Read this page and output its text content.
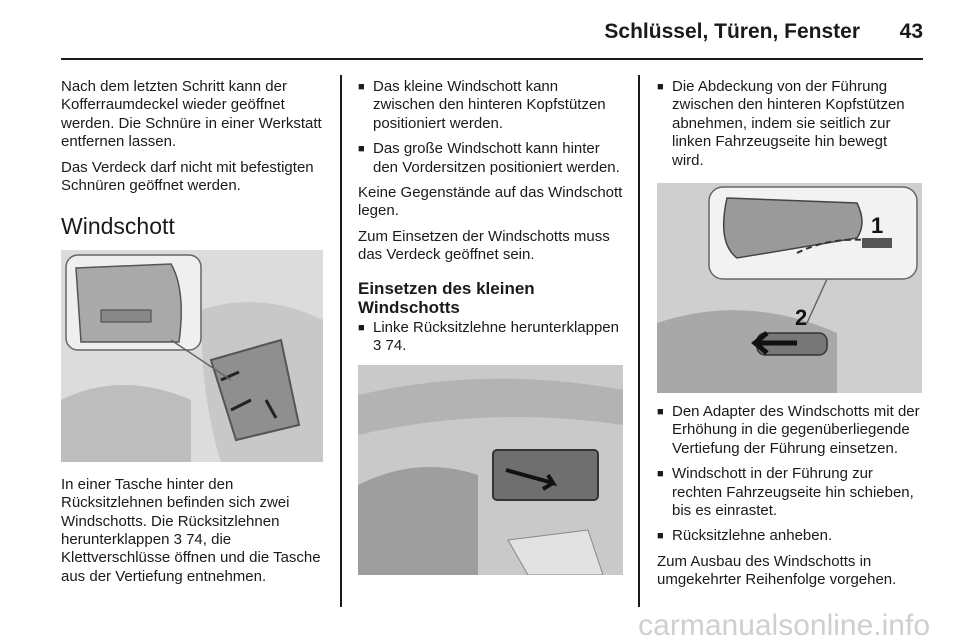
Schlüssel, Türen, Fenster	43

Nach dem letzten Schritt kann der Kofferraumdeckel wieder geöffnet werden. Die Schnüre in einer Werkstatt entfernen lassen.

Das Verdeck darf nicht mit befestigten Schnüren geöffnet werden.

Windschott

In einer Tasche hinter den Rücksitzlehnen befinden sich zwei Windschotts. Die Rücksitzlehnen herunterklappen 3 74, die Klettverschlüsse öffnen und die Tasche aus der Vertiefung entnehmen.

■ Das kleine Windschott kann zwischen den hinteren Kopfstützen positioniert werden.

■ Das große Windschott kann hinter den Vordersitzen positioniert werden.

Keine Gegenstände auf das Windschott legen.

Zum Einsetzen der Windschotts muss das Verdeck geöffnet sein.

Einsetzen des kleinen Windschotts
■ Linke Rücksitzlehne herunterklappen 3 74.

■ Die Abdeckung von der Führung zwischen den hinteren Kopfstützen abnehmen, indem sie seitlich zur linken Fahrzeugseite hin bewegt wird.

2
1
■ Den Adapter des Windschotts mit der Erhöhung in die gegenüberliegende Vertiefung der Führung einsetzen.

■ Windschott in der Führung zur rechten Fahrzeugseite hin schieben, bis es einrastet.

■ Rücksitzlehne anheben.

Zum Ausbau des Windschotts in umgekehrter Reihenfolge vorgehen.

carmanualsonline.info
